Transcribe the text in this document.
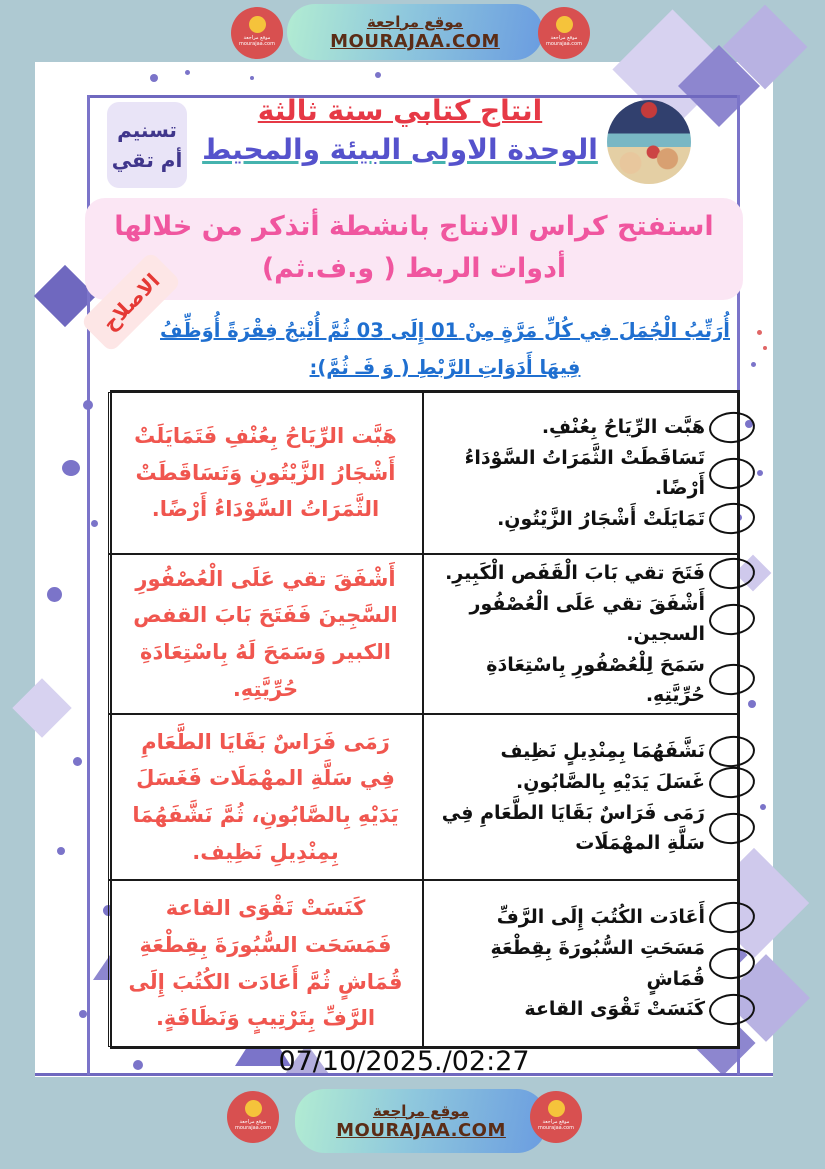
موقع مراجعة
MOURAJAA.COM
موقع مراجعة mourajaa.com
موقع مراجعة mourajaa.com
تسنيم
أم تقي
انتاج كتابي سنة ثالثة
الوحدة الاولى البيئة والمحيط
استفتح كراس الانتاج بانشطة أتذكر من خلالها أدوات الربط ( و.ف.ثم)
الاصلاح
أُرَتِّبُ الْجُمَلَ فِي كُلِّ مَرَّةٍ مِنْ 01 إِلَى 03 ثُمَّ أُنْتِجُ فِقْرَةً أُوَظِّفُ فِيهَا أَدَوَاتِ الرَّبْطِ ( وَ فَـ ثُمَّ):
هَبَّت الرِّيَاحُ بِعُنْفِ.
تَسَاقَطَتْ الثَّمَرَاتُ السَّوْدَاءُ أَرْضًا.
تَمَايَلَتْ أَشْجَارُ الزَّيْتُونِ.
هَبَّت الرِّيَاحُ بِعُنْفِ فَتَمَايَلَتْ أَشْجَارُ الزَّيْتُونِ وَتَسَاقَطَتْ الثَّمَرَاتُ السَّوْدَاءُ أَرْضًا.
فَتَحَ تقي بَابَ الْقَفَص الْكَبِيرِ.
أَشْفَقَ تقي عَلَى الْعُصْفُور السجين.
سَمَحَ لِلْعُصْفُورِ بِاسْتِعَادَةِ حُرِّيَّتِهِ.
أَشْفَقَ تقي عَلَى الْعُصْفُورِ السَّجِينَ فَفَتَحَ بَابَ القفص الكبير وَسَمَحَ لَهُ بِاسْتِعَادَةِ حُرِّيَّتِهِ.
نَشَّفَهُمَا بِمِنْدِيلٍ نَظِيف
غَسَلَ يَدَيْهِ بِالصَّابُونِ.
رَمَى فَرَاسٌ بَقَايَا الطَّعَامِ فِي سَلَّةِ المهْمَلَات
رَمَى فَرَاسٌ بَقَايَا الطَّعَامِ فِي سَلَّةِ المهْمَلَات فَغَسَلَ يَدَيْهِ بِالصَّابُونِ، ثُمَّ نَشَّفَهُمَا بِمِنْدِيلِ نَظِيف.
أَعَادَت الكُتُبَ إِلَى الرَّفِّ
مَسَحَتِ السُّبُورَةَ بِقِطْعَةِ قُمَاشٍ
كَنَسَتْ تَقْوَى القاعة
كَنَسَتْ تَقْوَى القاعة فَمَسَحَت السُّبُورَةَ بِقِطْعَةِ قُمَاشٍ ثُمَّ أَعَادَت الكُتُبَ إِلَى الرَّفِّ بِتَرْتِيبٍ وَنَظَافَةٍ.
07/10/2025./02:27
موقع مراجعة
MOURAJAA.COM
موقع مراجعة mourajaa.com
موقع مراجعة mourajaa.com
